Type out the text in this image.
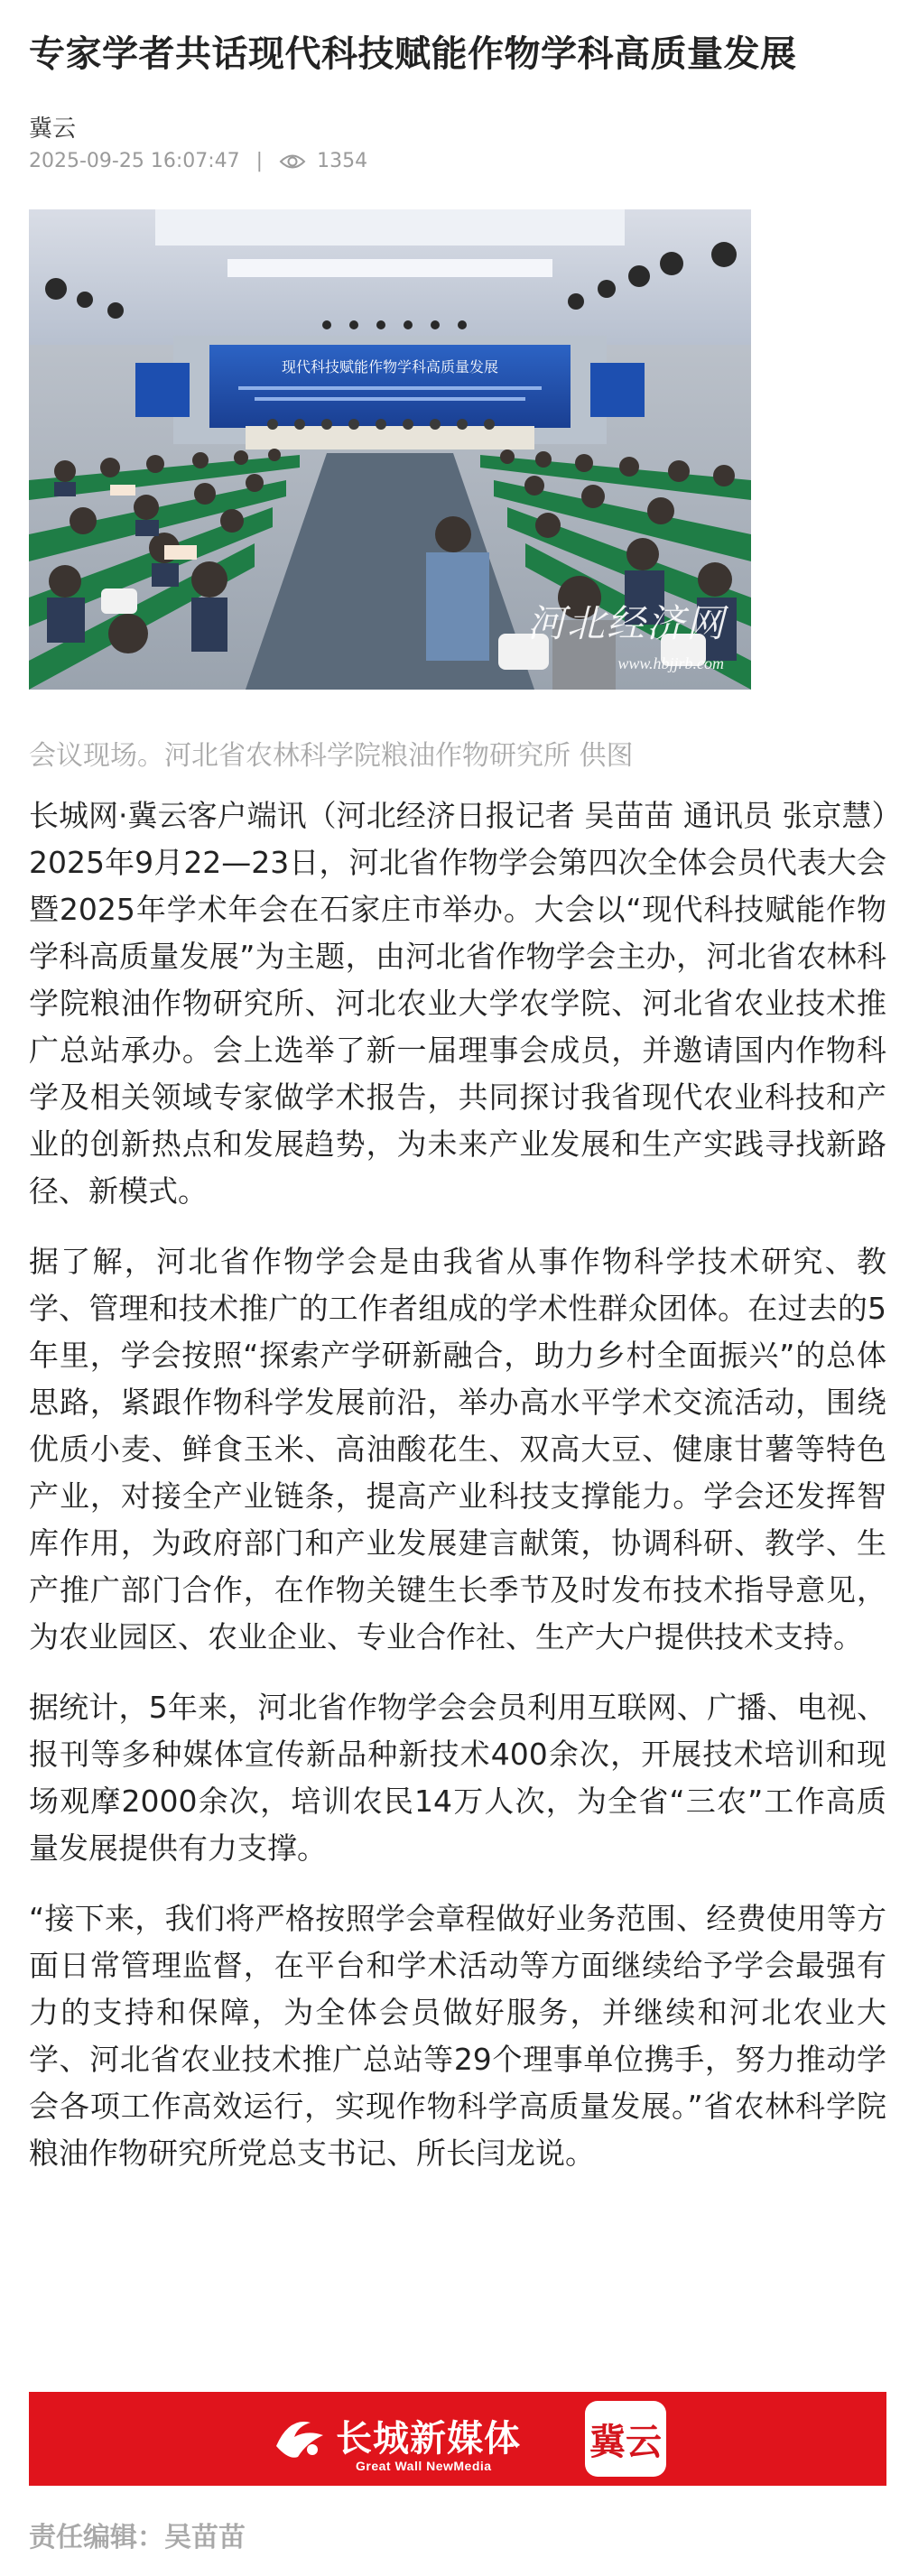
专家学者共话现代科技赋能作物学科高质量发展
冀云
2025-09-25 16:07:47 |	1354
现代科技赋能作物学科高质量发展
河北经济网
www.hbjjrb.com
会议现场。河北省农林科学院粮油作物研究所 供图

长城网·冀云客户端讯（河北经济日报记者 吴苗苗 通讯员 张京慧）2025年9月22—23日，河北省作物学会第四次全体会员代表大会暨2025年学术年会在石家庄市举办。大会以“现代科技赋能作物学科高质量发展”为主题，由河北省作物学会主办，河北省农林科学院粮油作物研究所、河北农业大学农学院、河北省农业技术推广总站承办。会上选举了新一届理事会成员，并邀请国内作物科学及相关领域专家做学术报告，共同探讨我省现代农业科技和产业的创新热点和发展趋势，为未来产业发展和生产实践寻找新路径、新模式。

据了解，河北省作物学会是由我省从事作物科学技术研究、教学、管理和技术推广的工作者组成的学术性群众团体。在过去的5年里，学会按照“探索产学研新融合，助力乡村全面振兴”的总体思路，紧跟作物科学发展前沿，举办高水平学术交流活动，围绕优质小麦、鲜食玉米、高油酸花生、双高大豆、健康甘薯等特色产业，对接全产业链条，提高产业科技支撑能力。学会还发挥智库作用，为政府部门和产业发展建言献策，协调科研、教学、生产推广部门合作，在作物关键生长季节及时发布技术指导意见，为农业园区、农业企业、专业合作社、生产大户提供技术支持。

据统计，5年来，河北省作物学会会员利用互联网、广播、电视、报刊等多种媒体宣传新品种新技术400余次，开展技术培训和现场观摩2000余次，培训农民14万人次，为全省“三农”工作高质量发展提供有力支撑。

“接下来，我们将严格按照学会章程做好业务范围、经费使用等方面日常管理监督，在平台和学术活动等方面继续给予学会最强有力的支持和保障，为全体会员做好服务，并继续和河北农业大学、河北省农业技术推广总站等29个理事单位携手，努力推动学会各项工作高效运行，实现作物科学高质量发展。”省农林科学院粮油作物研究所党总支书记、所长闫龙说。

长城新媒体
Great Wall NewMedia
冀云
责任编辑：吴苗苗
